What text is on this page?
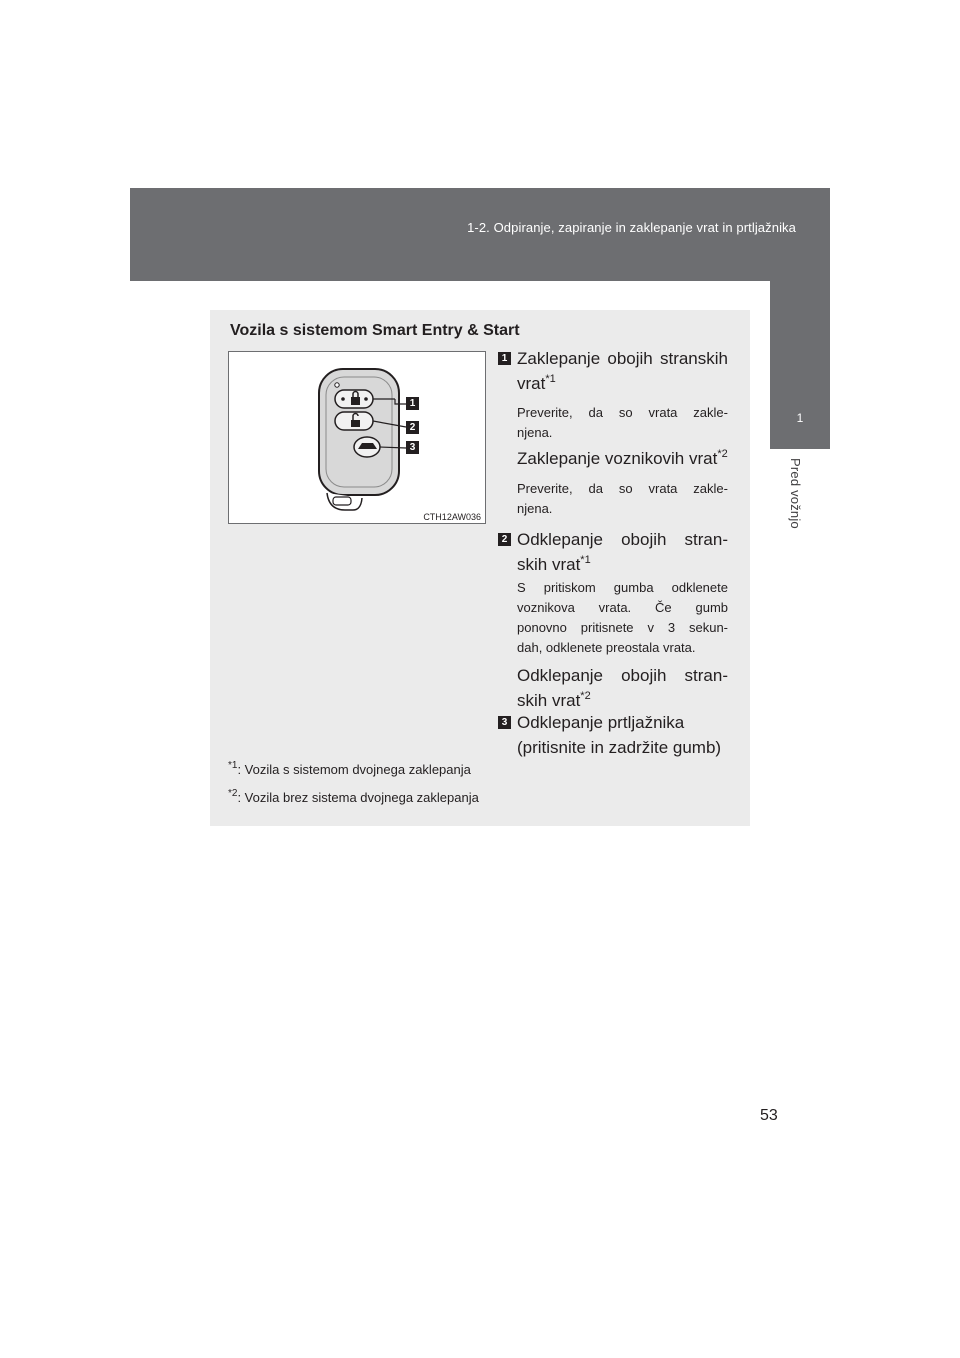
1-2. Odpiranje, zapiranje in zaklepanje vrat in prtljažnika
1
Pred vožnjo
Vozila s sistemom Smart Entry & Start
1
2
3
CTH12AW036
1 Zaklepanje obojih stranskih
vrat$^{*1}$
Preverite, da so vrata zakle-
njena.
Zaklepanje voznikovih vrat$^{*2}$
Preverite, da so vrata zakle-
njena.
2 Odklepanje obojih stran-
skih vrat$^{*1}$
S pritiskom gumba odklenete
voznikova vrata. Če gumb
ponovno pritisnete v 3 sekun-
dah, odklenete preostala vrata.
Odklepanje obojih stran-
skih vrat$^{*2}$
3 Odklepanje prtljažnika
(pritisnite in zadržite gumb)
$^{*1}$: Vozila s sistemom dvojnega zaklepanja
$^{*2}$: Vozila brez sistema dvojnega zaklepanja
53
